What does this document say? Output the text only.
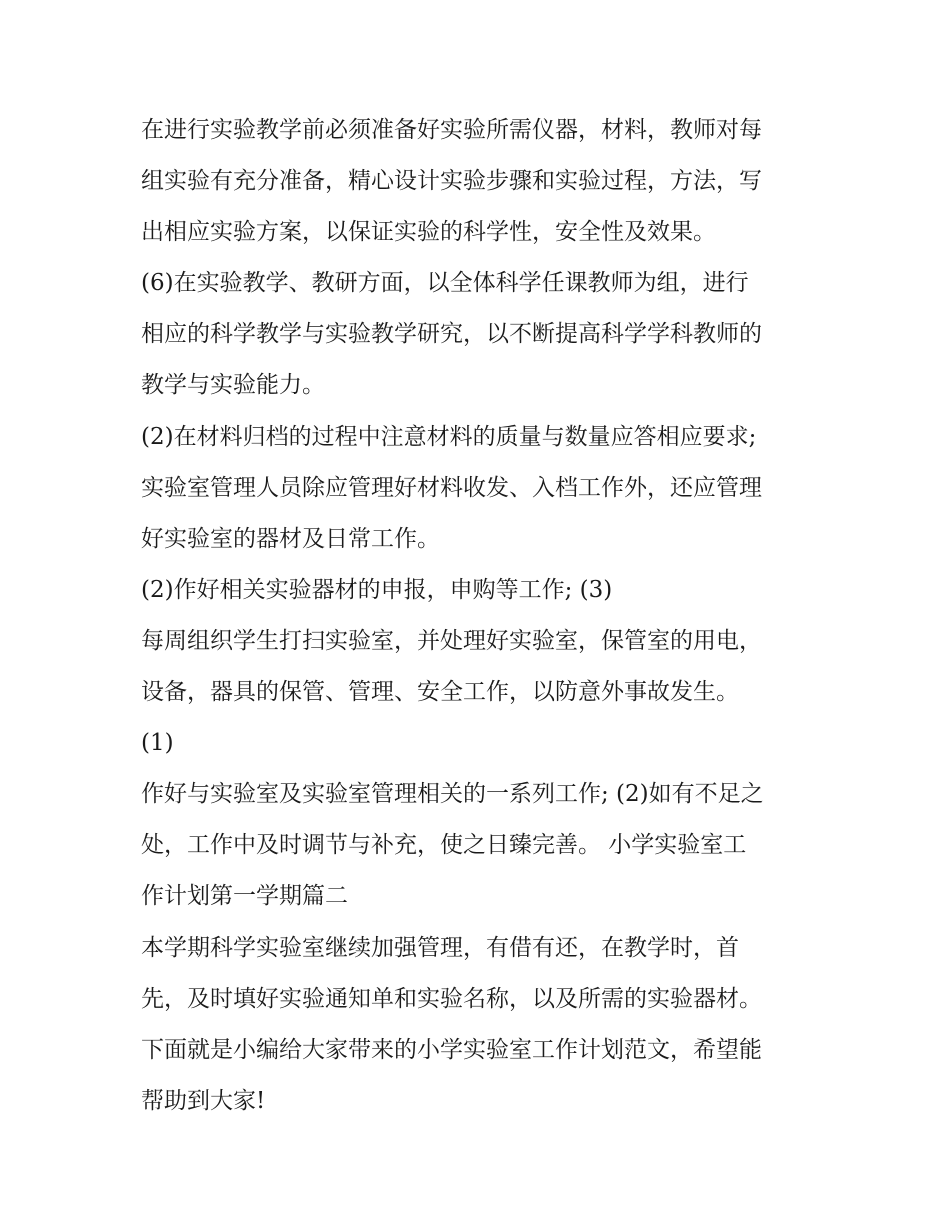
在进行实验教学前必须准备好实验所需仪器，材料，教师对每
组实验有充分准备，精心设计实验步骤和实验过程，方法，写
出相应实验方案，以保证实验的科学性，安全性及效果。
(6)在实验教学、教研方面，以全体科学任课教师为组，进行
相应的科学教学与实验教学研究，以不断提高科学学科教师的
教学与实验能力。
(2)在材料归档的过程中注意材料的质量与数量应答相应要求;
实验室管理人员除应管理好材料收发、入档工作外，还应管理
好实验室的器材及日常工作。
(2)作好相关实验器材的申报，申购等工作; (3)
每周组织学生打扫实验室，并处理好实验室，保管室的用电，
设备，器具的保管、管理、安全工作，以防意外事故发生。
(1)
作好与实验室及实验室管理相关的一系列工作; (2)如有不足之
处，工作中及时调节与补充，使之日臻完善。 小学实验室工
作计划第一学期篇二
本学期科学实验室继续加强管理，有借有还，在教学时，首
先，及时填好实验通知单和实验名称，以及所需的实验器材。
下面就是小编给大家带来的小学实验室工作计划范文，希望能
帮助到大家!
